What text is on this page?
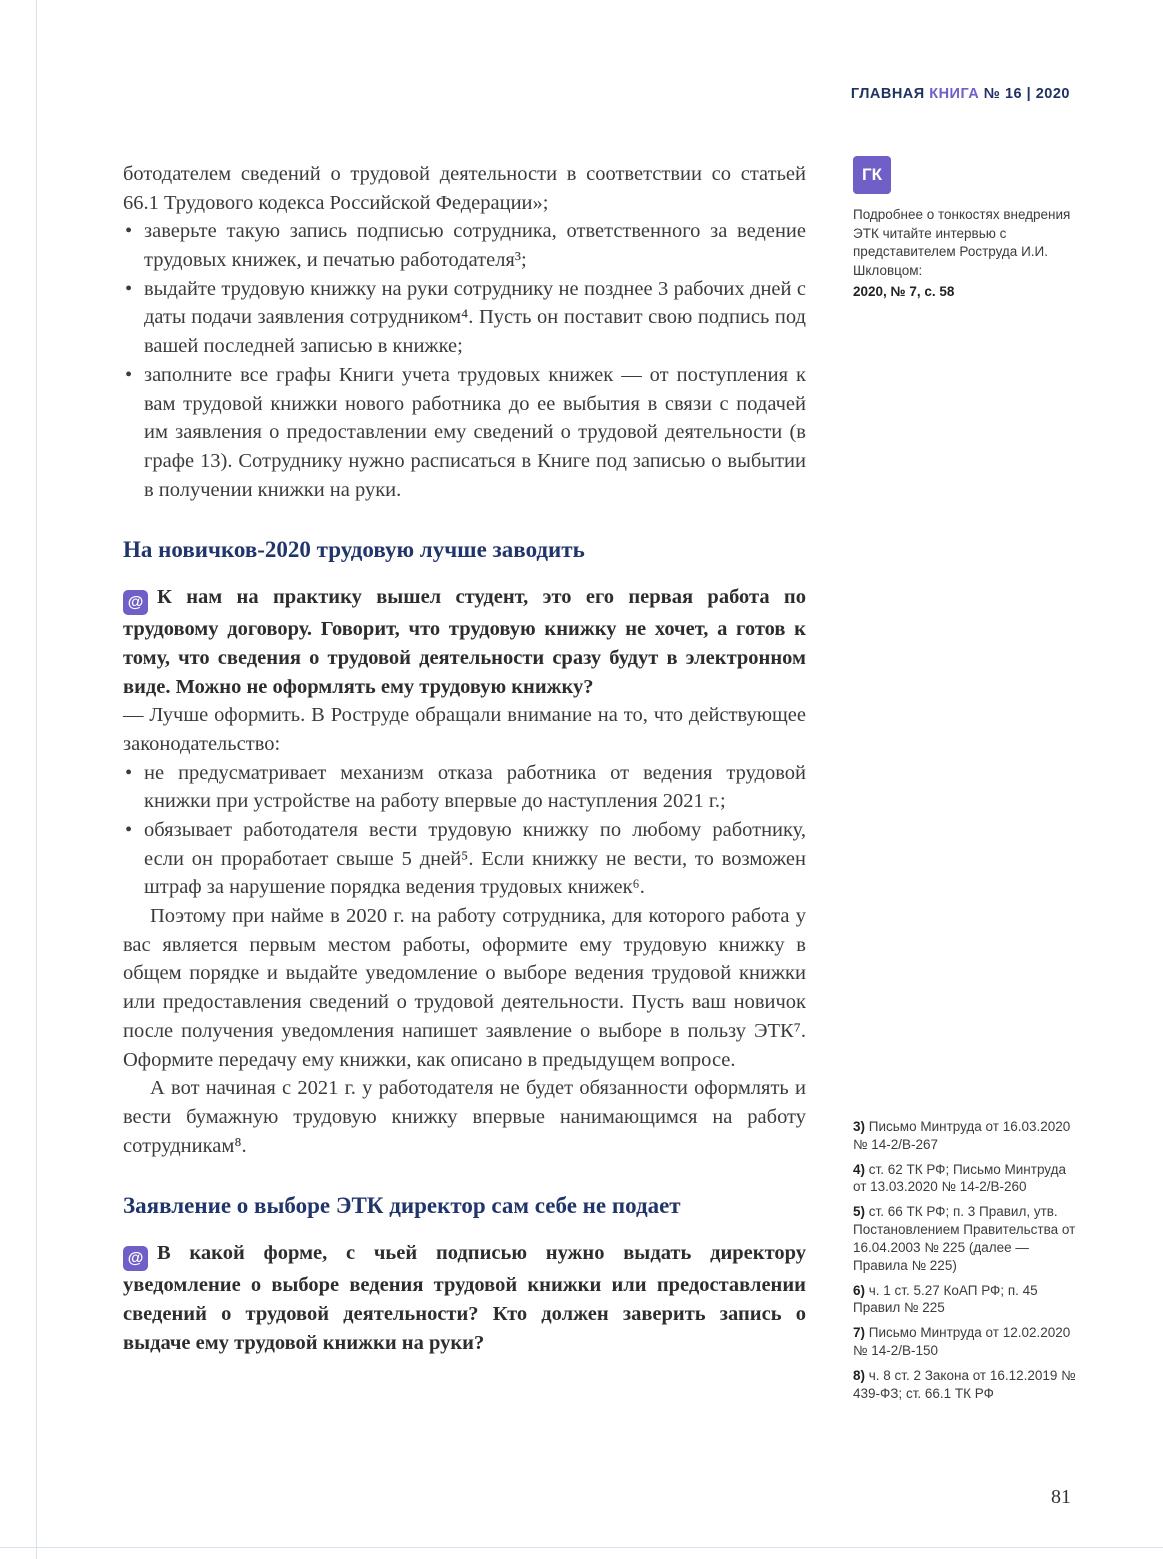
ГЛАВНАЯ КНИГА № 16 | 2020

ботодателем сведений о трудовой деятельности в соответствии со статьей 66.1 Трудового кодекса Российской Федерации»;

• заверьте такую запись подписью сотрудника, ответственного за ведение трудовых книжек, и печатью работодателя³;
• выдайте трудовую книжку на руки сотруднику не позднее 3 рабочих дней с даты подачи заявления сотрудником⁴. Пусть он поставит свою подпись под вашей последней записью в книжке;
• заполните все графы Книги учета трудовых книжек — от поступления к вам трудовой книжки нового работника до ее выбытия в связи с подачей им заявления о предоставлении ему сведений о трудовой деятельности (в графе 13). Сотруднику нужно расписаться в Книге под записью о выбытии в получении книжки на руки.
На новичков-2020 трудовую лучше заводить

@ К нам на практику вышел студент, это его первая работа по трудовому договору. Говорит, что трудовую книжку не хочет, а готов к тому, что сведения о трудовой деятельности сразу будут в электронном виде. Можно не оформлять ему трудовую книжку?

— Лучше оформить. В Роструде обращали внимание на то, что действующее законодательство:

• не предусматривает механизм отказа работника от ведения трудовой книжки при устройстве на работу впервые до наступления 2021 г.;
• обязывает работодателя вести трудовую книжку по любому работнику, если он проработает свыше 5 дней⁵. Если книжку не вести, то возможен штраф за нарушение порядка ведения трудовых книжек⁶.

Поэтому при найме в 2020 г. на работу сотрудника, для которого работа у вас является первым местом работы, оформите ему трудовую книжку в общем порядке и выдайте уведомление о выборе ведения трудовой книжки или предоставления сведений о трудовой деятельности. Пусть ваш новичок после получения уведомления напишет заявление о выборе в пользу ЭТК⁷. Оформите передачу ему книжки, как описано в предыдущем вопросе.

А вот начиная с 2021 г. у работодателя не будет обязанности оформлять и вести бумажную трудовую книжку впервые нанимающимся на работу сотрудникам⁸.

Заявление о выборе ЭТК директор сам себе не подает

@ В какой форме, с чьей подписью нужно выдать директору уведомление о выборе ведения трудовой книжки или предоставлении сведений о трудовой деятельности? Кто должен заверить запись о выдаче ему трудовой книжки на руки?

ГК
Подробнее о тонкостях внедрения ЭТК читайте интервью с представителем Роструда И.И. Шкловцом:
2020, № 7, с. 58
3) Письмо Минтруда от 16.03.2020 № 14-2/В-267
4) ст. 62 ТК РФ; Письмо Минтруда от 13.03.2020 № 14-2/В-260
5) ст. 66 ТК РФ; п. 3 Правил, утв. Постановлением Правительства от 16.04.2003 № 225 (далее — Правила № 225)
6) ч. 1 ст. 5.27 КоАП РФ; п. 45 Правил № 225
7) Письмо Минтруда от 12.02.2020 № 14-2/В-150
8) ч. 8 ст. 2 Закона от 16.12.2019 № 439-ФЗ; ст. 66.1 ТК РФ
81
